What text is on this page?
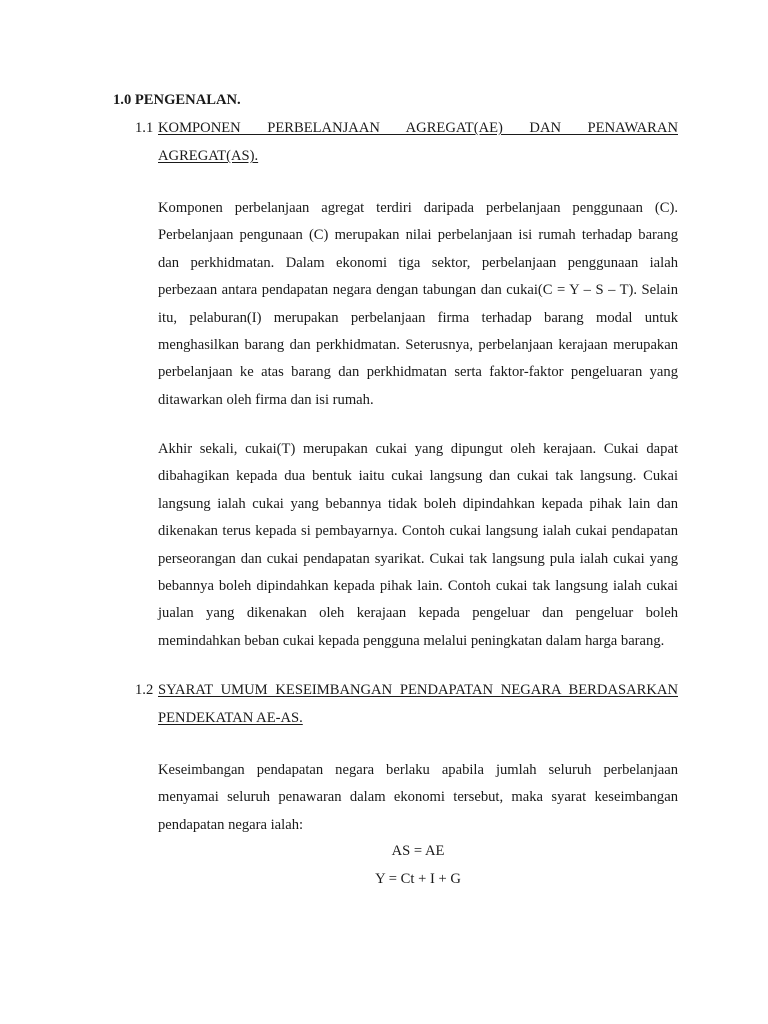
1.0 PENGENALAN.
1.1 KOMPONEN PERBELANJAAN AGREGAT(AE) DAN PENAWARAN
AGREGAT(AS).

Komponen perbelanjaan agregat terdiri daripada perbelanjaan penggunaan (C). Perbelanjaan pengunaan (C) merupakan nilai perbelanjaan isi rumah terhadap barang dan perkhidmatan. Dalam ekonomi tiga sektor, perbelanjaan penggunaan ialah perbezaan antara pendapatan negara dengan tabungan dan cukai(C = Y – S – T). Selain itu, pelaburan(I) merupakan perbelanjaan firma terhadap barang modal untuk menghasilkan barang dan perkhidmatan. Seterusnya, perbelanjaan kerajaan merupakan perbelanjaan ke atas barang dan perkhidmatan serta faktor-faktor pengeluaran yang ditawarkan oleh firma dan isi rumah.

Akhir sekali, cukai(T) merupakan cukai yang dipungut oleh kerajaan. Cukai dapat dibahagikan kepada dua bentuk iaitu cukai langsung dan cukai tak langsung. Cukai langsung ialah cukai yang bebannya tidak boleh dipindahkan kepada pihak lain dan dikenakan terus kepada si pembayarnya. Contoh cukai langsung ialah cukai pendapatan perseorangan dan cukai pendapatan syarikat. Cukai tak langsung pula ialah cukai yang bebannya boleh dipindahkan kepada pihak lain. Contoh cukai tak langsung ialah cukai jualan yang dikenakan oleh kerajaan kepada pengeluar dan pengeluar boleh memindahkan beban cukai kepada pengguna melalui peningkatan dalam harga barang.

1.2 SYARAT UMUM KESEIMBANGAN PENDAPATAN NEGARA BERDASARKAN
PENDEKATAN AE-AS.

Keseimbangan pendapatan negara berlaku apabila jumlah seluruh perbelanjaan menyamai seluruh penawaran dalam ekonomi tersebut, maka syarat keseimbangan pendapatan negara ialah:

AS = AE
Y = Ct + I + G
